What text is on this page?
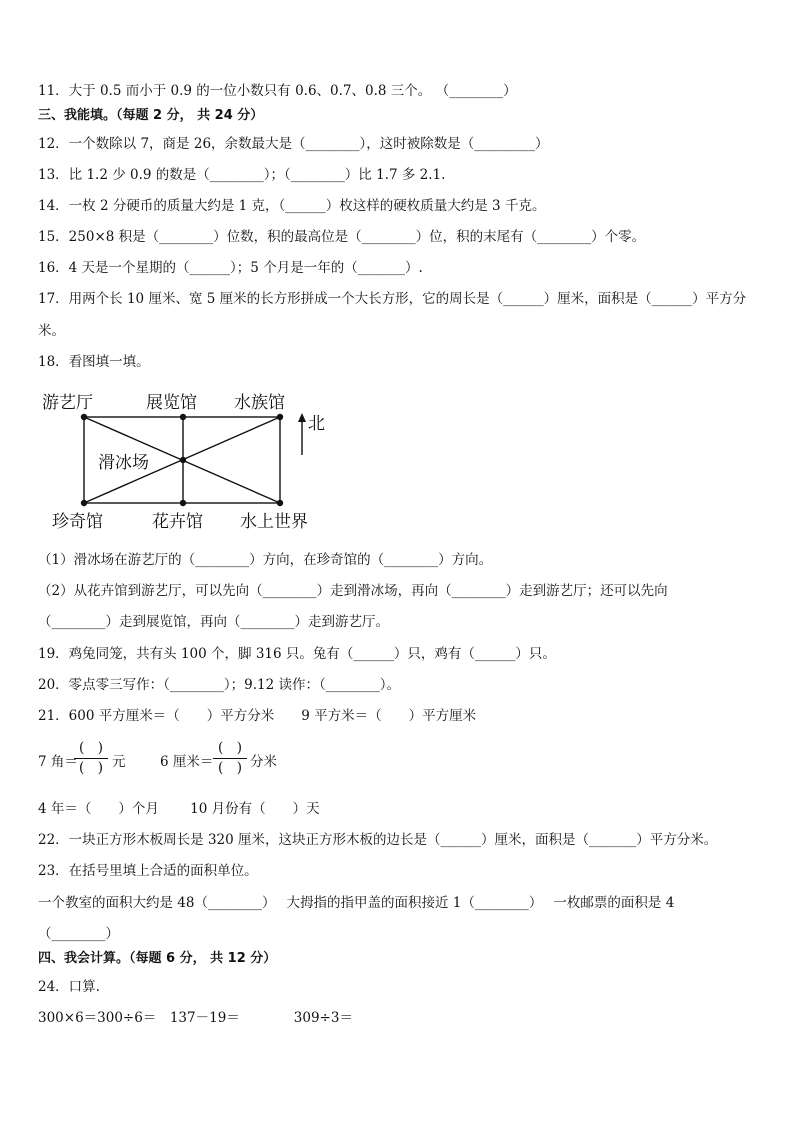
11．大于 0.5 而小于 0.9 的一位小数只有 0.6、0.7、0.8 三个。 （________）
三、我能填。（每题 2 分， 共 24 分）
12．一个数除以 7，商是 26，余数最大是（________），这时被除数是（_________）
13．比 1.2 少 0.9 的数是（________）；（________）比 1.7 多 2.1.
14．一枚 2 分硬币的质量大约是 1 克，（______）枚这样的硬枚质量大约是 3 千克。
15．250×8 积是（________）位数，积的最高位是（________）位，积的末尾有（________）个零。
16．4 天是一个星期的（______）；5 个月是一年的（_______）.
17．用两个长 10 厘米、宽 5 厘米的长方形拼成一个大长方形，它的周长是（______）厘米，面积是（______）平方分
米。
18．看图填一填。
游艺厅	展览馆 水族馆
滑冰场
珍奇馆	花卉馆 水上世界
北
（1）滑冰场在游艺厅的（________）方向，在珍奇馆的（________）方向。
（2）从花卉馆到游艺厅，可以先向（________）走到滑冰场，再向（________）走到游艺厅；还可以先向
（________）走到展览馆，再向（________）走到游艺厅。
19．鸡兔同笼，共有头 100 个，脚 316 只。兔有（______）只，鸡有（______）只。
20．零点零三写作：（________）；9.12 读作：（________）。
21．600 平方厘米＝（　　）平方分米　　9 平方米＝（　　）平方厘米
7 角＝
(　)
(　) 元	6 厘米＝
(　)
(　) 分米
4 年＝（　　）个月　　 10 月份有（　　）天
22．一块正方形木板周长是 320 厘米，这块正方形木板的边长是（______）厘米，面积是（_______）平方分米。
23．在括号里填上合适的面积单位。
一个教室的面积大约是 48（________）　 大拇指的指甲盖的面积接近 1（________）　 一枚邮票的面积是 4
（________）
四、我会计算。（每题 6 分， 共 12 分）
24．口算.
300×6＝300÷6＝　137－19＝　　　　309÷3＝
